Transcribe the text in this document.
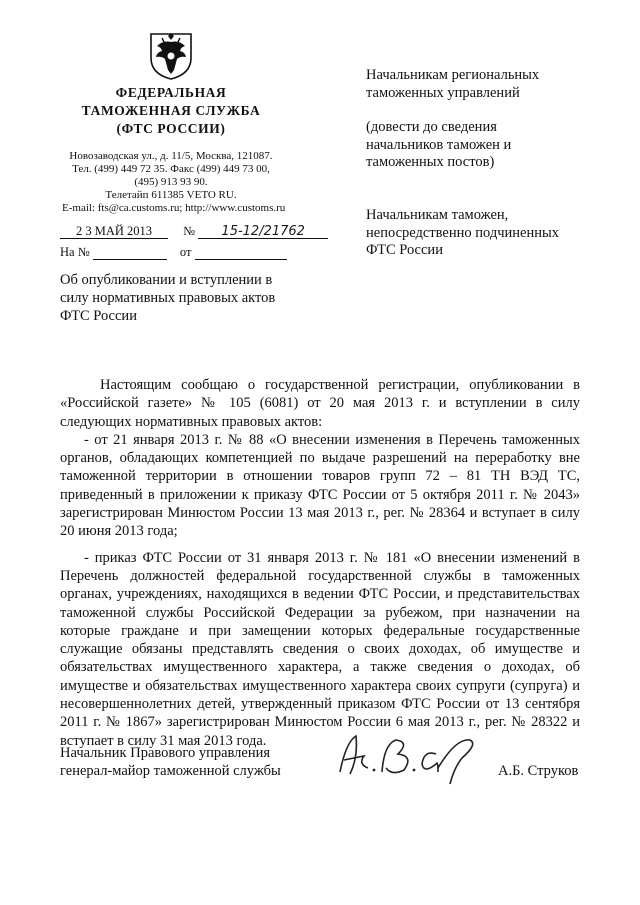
ФЕДЕРАЛЬНАЯ
ТАМОЖЕННАЯ СЛУЖБА
(ФТС РОССИИ)
Новозаводская ул., д. 11/5, Москва, 121087.
Тел. (499) 449 72 35. Факс (499) 449 73 00,
(495) 913 93 90.
Телетайп 611385 VETO RU.
E-mail: fts@ca.customs.ru; http://www.customs.ru
2 3 МАЙ 2013 № 15-12/21762
На №	от
Начальникам региональных
таможенных управлений
(довести до сведения
начальников таможен и
таможенных постов)
Начальникам таможен,
непосредственно подчиненных
ФТС России
Об опубликовании и вступлении в
силу нормативных правовых актов
ФТС России

Настоящим сообщаю о государственной регистрации, опубликовании в «Российской газете» № 105 (6081) от 20 мая 2013 г. и вступлении в силу следующих нормативных правовых актов:

- от 21 января 2013 г. № 88 «О внесении изменения в Перечень таможенных органов, обладающих компетенцией по выдаче разрешений на переработку вне таможенной территории в отношении товаров групп 72 – 81 ТН ВЭД ТС, приведенный в приложении к приказу ФТС России от 5 октября 2011 г. № 2043» зарегистрирован Минюстом России 13 мая 2013 г., рег. № 28364 и вступает в силу 20 июня 2013 года;

- приказ ФТС России от 31 января 2013 г. № 181 «О внесении изменений в Перечень должностей федеральной государственной службы в таможенных органах, учреждениях, находящихся в ведении ФТС России, и представительствах таможенной службы Российской Федерации за рубежом, при назначении на которые граждане и при замещении которых федеральные государственные служащие обязаны представлять сведения о своих доходах, об имуществе и обязательствах имущественного характера, а также сведения о доходах, об имуществе и обязательствах имущественного характера своих супруги (супруга) и несовершеннолетних детей, утвержденный приказом ФТС России от 13 сентября 2011 г. № 1867» зарегистрирован Минюстом России 6 мая 2013 г., рег. № 28322 и вступает в силу 31 мая 2013 года.

Начальник Правового управления
генерал-майор таможенной службы	А.Б. Струков
